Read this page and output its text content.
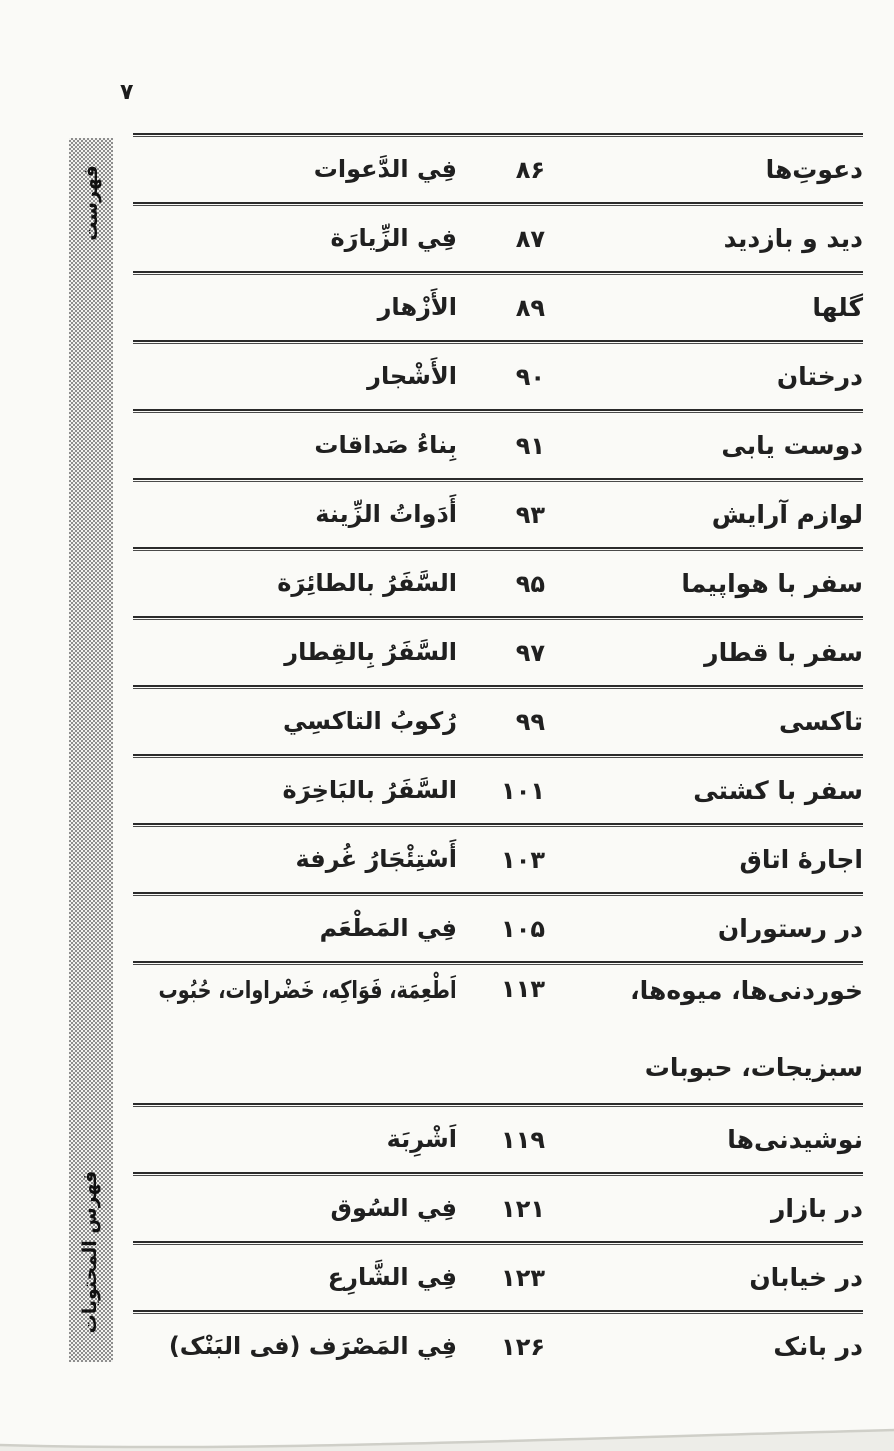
۷
فهرست
فهرس المحتويات
دعوتِ‌ها
۸۶
فِي الدَّعوات
دید و بازدید
۸۷
فِي الزِّيارَة
گلها
۸۹
الأَزْهار
درختان
۹۰
الأَشْجار
دوست یابی
۹۱
بِناءُ صَداقات
لوازم آرایش
۹۳
أَدَواتُ الزِّينة
سفر با هواپیما
۹۵
السَّفَرُ بالطائِرَة
سفر با قطار
۹۷
السَّفَرُ بِالقِطار
تاکسی
۹۹
رُكوبُ التاكسِي
سفر با کشتی
۱۰۱
السَّفَرُ بالبَاخِرَة
اجارهٔ اتاق
۱۰۳
أَسْتِئْجَارُ غُرفة
در رستوران
۱۰۵
فِي المَطْعَم
خوردنی‌ها، میوه‌ها،
سبزیجات، حبوبات
۱۱۳
اَطْعِمَة، فَوَاكِه، خَضْراوات، حُبُوب
نوشیدنی‌ها
۱۱۹
اَشْرِبَة
در بازار
۱۲۱
فِي السُوق
در خیابان
۱۲۳
فِي الشَّارِع
در بانک
۱۲۶
فِي المَصْرَف (فی البَنْک)
